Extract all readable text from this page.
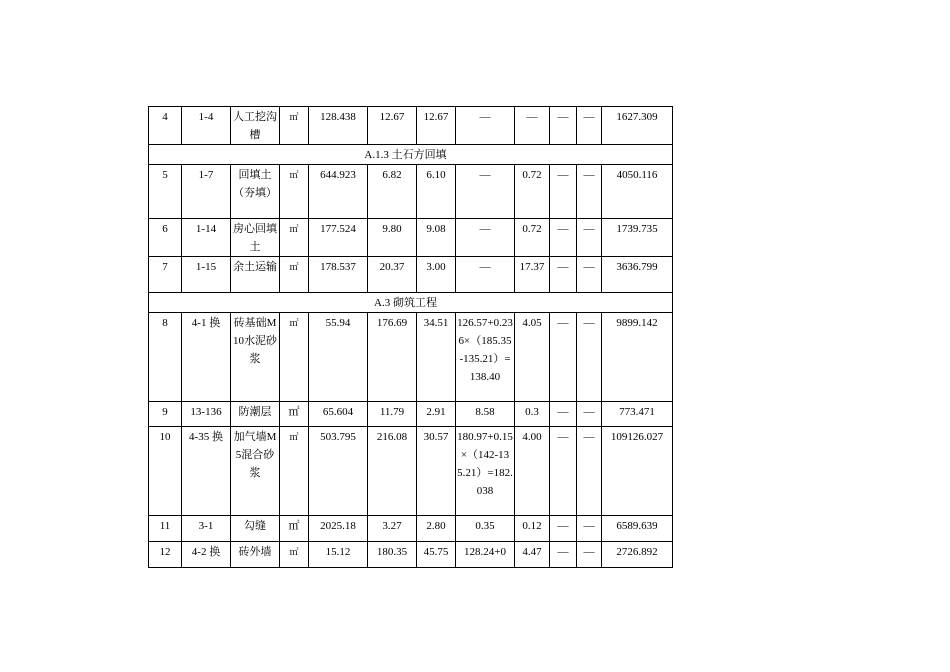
4	1-4	人工挖沟槽	㎡	128.438	12.67	12.67	—	—	—	—	1627.309
A.1.3 土石方回填
5	1-7	回填土（夯填）	㎡	644.923	6.82	6.10	—	0.72	—	—	4050.116
6	1-14	房心回填土	㎡	177.524	9.80	9.08	—	0.72	—	—	1739.735
7	1-15	余土运输	㎡	178.537	20.37	3.00	—	17.37	—	—	3636.799
A.3 砌筑工程
8	4-1 换	砖基础M10水泥砂浆	㎡	55.94	176.69	34.51	126.57+0.236×（185.35-135.21）=138.40	4.05	—	—	9899.142
9	13-136	防潮层	㎡	65.604	11.79	2.91	8.58	0.3	—	—	773.471
10	4-35 换	加气墙M5混合砂浆	㎡	503.795	216.08	30.57	180.97+0.15×（142-135.21）=182.038	4.00	—	—	109126.027
11	3-1	勾缝	㎡	2025.18	3.27	2.80	0.35	0.12	—	—	6589.639
12	4-2 换	砖外墙	㎡	15.12	180.35	45.75	128.24+0	4.47	—	—	2726.892
